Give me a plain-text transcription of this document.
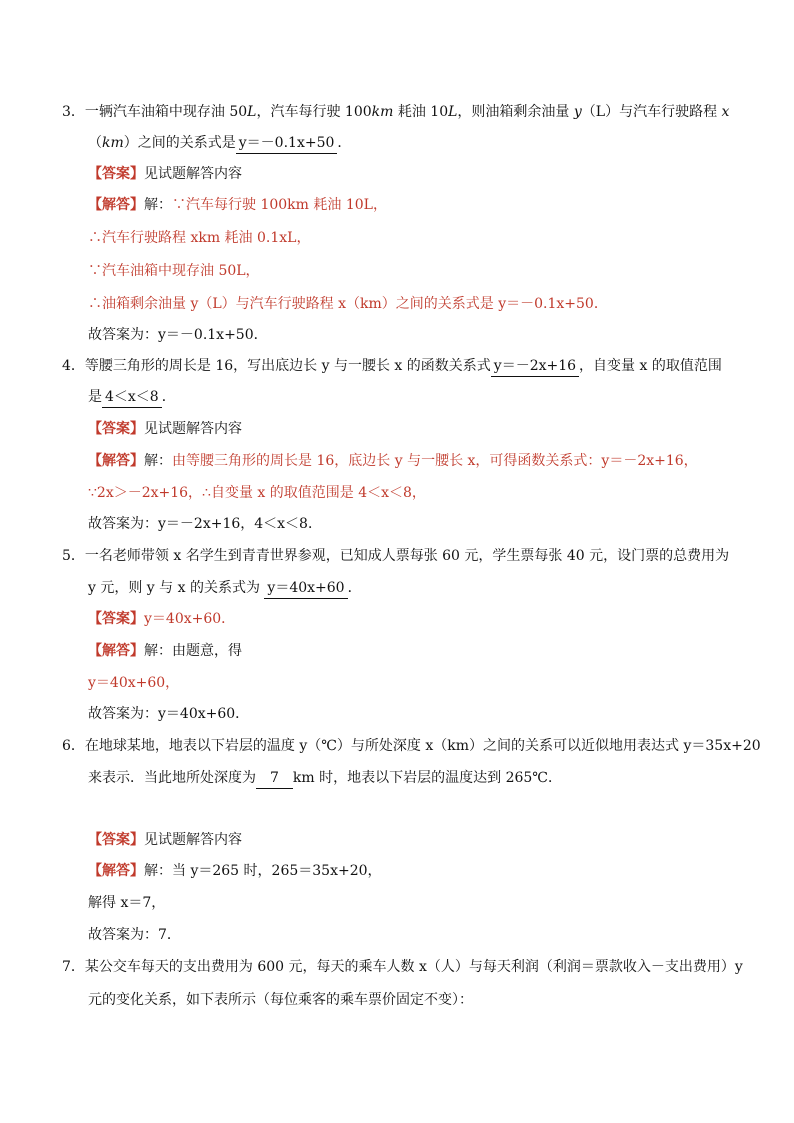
3．一辆汽车油箱中现存油 50L，汽车每行驶 100km 耗油 10L，则油箱剩余油量 y（L）与汽车行驶路程 x
（km）之间的关系式是 y＝－0.1x+50 ．
【答案】见试题解答内容
【解答】解：∵汽车每行驶 100km 耗油 10L，
∴汽车行驶路程 xkm 耗油 0.1xL，
∵汽车油箱中现存油 50L，
∴油箱剩余油量 y（L）与汽车行驶路程 x（km）之间的关系式是 y＝－0.1x+50．
故答案为：y＝－0.1x+50．
4．等腰三角形的周长是 16，写出底边长 y 与一腰长 x 的函数关系式 y＝－2x+16 ，自变量 x 的取值范围
是 4＜x＜8 ．
【答案】见试题解答内容
【解答】解：由等腰三角形的周长是 16，底边长 y 与一腰长 x，可得函数关系式：y＝－2x+16，
∵2x＞－2x+16，∴自变量 x 的取值范围是 4＜x＜8，
故答案为：y＝－2x+16，4＜x＜8．
5．一名老师带领 x 名学生到青青世界参观，已知成人票每张 60 元，学生票每张 40 元，设门票的总费用为
y 元，则 y 与 x 的关系式为 y＝40x+60 ．
【答案】y＝40x+60．
【解答】解：由题意，得
y＝40x+60，
故答案为：y＝40x+60．
6．在地球某地，地表以下岩层的温度 y（℃）与所处深度 x（km）之间的关系可以近似地用表达式 y＝35x+20
来表示．当此地所处深度为 7 km 时，地表以下岩层的温度达到 265℃．
【答案】见试题解答内容
【解答】解：当 y＝265 时，265＝35x+20，
解得 x＝7，
故答案为：7．
7．某公交车每天的支出费用为 600 元，每天的乘车人数 x（人）与每天利润（利润＝票款收入－支出费用）y
元的变化关系，如下表所示（每位乘客的乘车票价固定不变）：
